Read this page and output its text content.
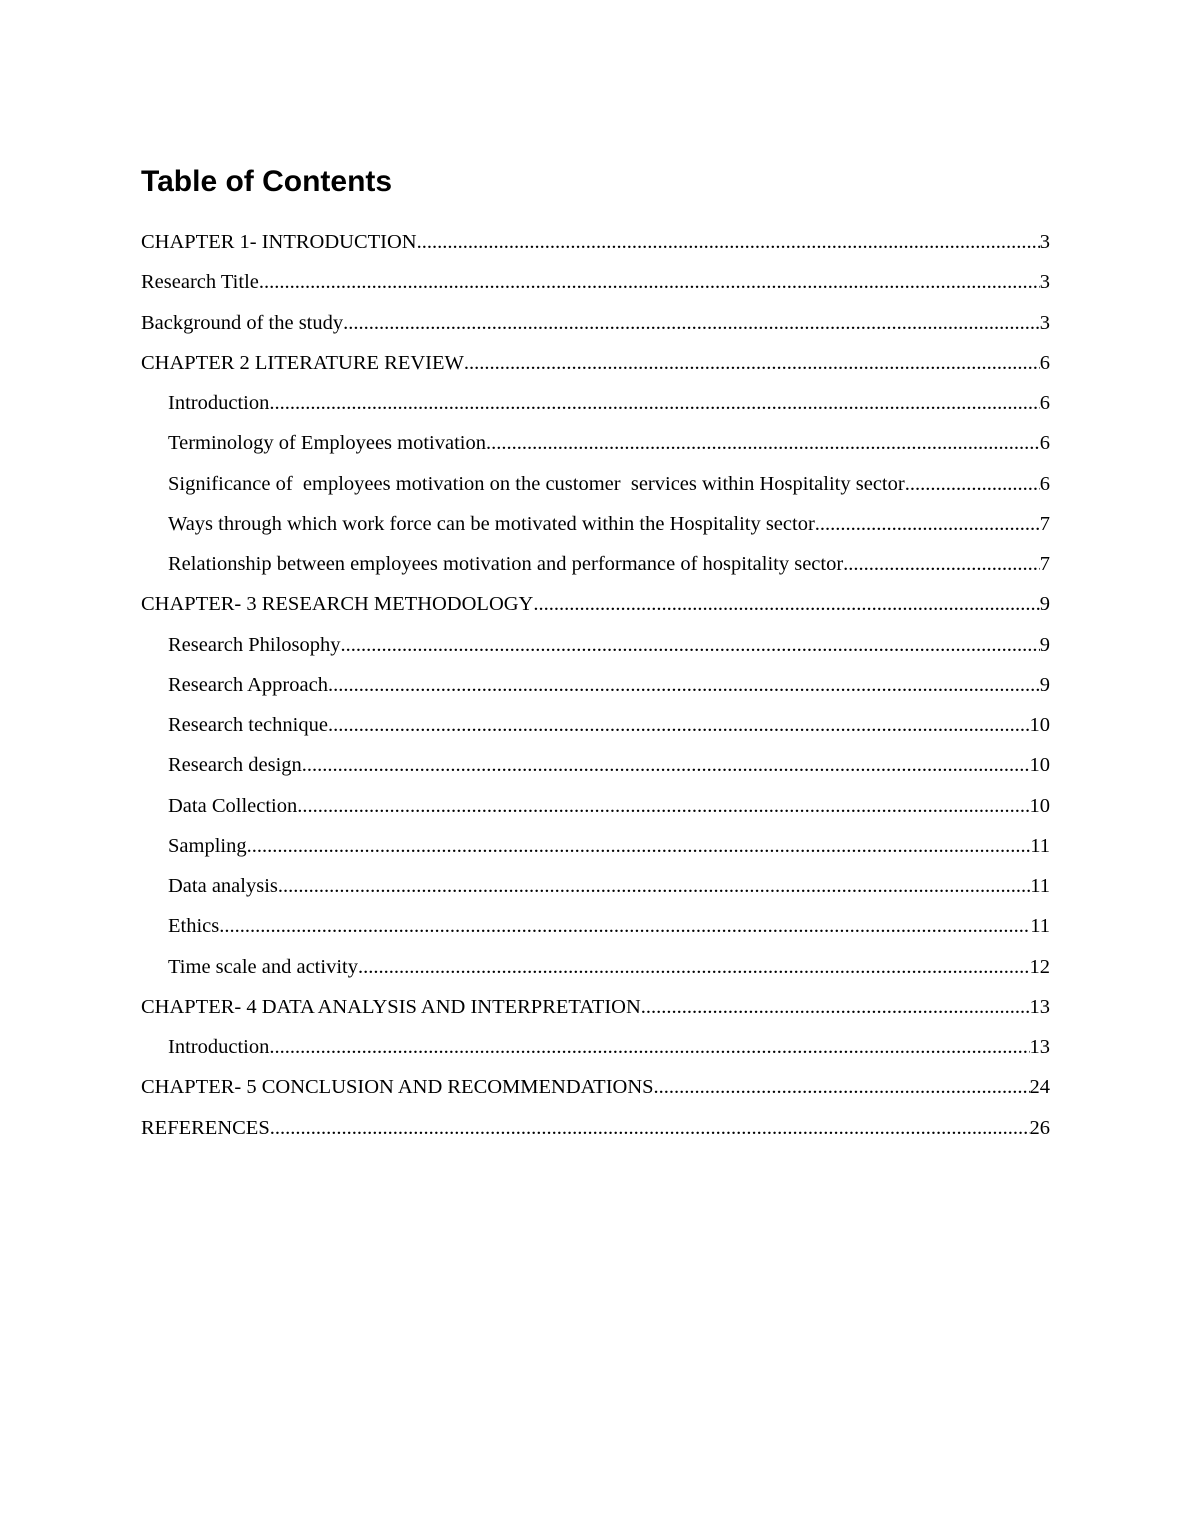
Table of Contents
CHAPTER 1- INTRODUCTION .....	3
Research Title .....	3
Background of the study .....	3
CHAPTER 2 LITERATURE REVIEW .....	6
Introduction .....	6
Terminology of Employees motivation .....	6
Significance of  employees motivation on the customer  services within Hospitality sector .....	6
Ways through which work force can be motivated within the Hospitality sector .....	7
Relationship between employees motivation and performance of hospitality sector .....	7
CHAPTER- 3 RESEARCH METHODOLOGY .....	9
Research Philosophy .....	9
Research Approach .....	9
Research technique .....	10
Research design .....	10
Data Collection .....	10
Sampling .....	11
Data analysis .....	11
Ethics .....	11
Time scale and activity .....	12
CHAPTER- 4 DATA ANALYSIS AND INTERPRETATION .....	13
Introduction .....	13
CHAPTER- 5 CONCLUSION AND RECOMMENDATIONS .....	24
REFERENCES .....	26
